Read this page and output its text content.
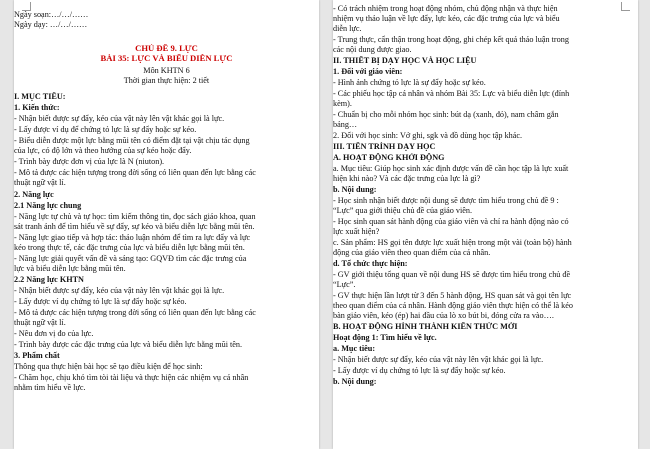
Ngày soạn:…/…/……
Ngày dạy: …/…/……
CHỦ ĐỀ 9. LỰC
BÀI 35: LỰC VÀ BIỂU DIỄN LỰC
Môn KHTN 6
Thời gian thực hiện: 2 tiết
I. MỤC TIÊU:
1. Kiến thức:
- Nhận biết được sự đẩy, kéo của vật này lên vật khác gọi là lực.
- Lấy được ví dụ để chứng tỏ lực là sự đẩy hoặc sự kéo.
- Biểu diễn được một lực bằng mũi tên có điểm đặt tại vật chịu tác dụng
của lực, có độ lớn và theo hướng của sự kéo hoặc đẩy.
- Trình bày được đơn vị của lực là N (niuton).
- Mô tả được các hiện tượng trong đời sống có liên quan đến lực bằng các
thuật ngữ vật lí.
2. Năng lực
2.1 Năng lực chung
- Năng lực tự chủ và tự học: tìm kiếm thông tin, đọc sách giáo khoa, quan
sát tranh ảnh để tìm hiểu về sự đẩy, sự kéo và biểu diễn lực bằng mũi tên.
- Năng lực giao tiếp và hợp tác: thảo luận nhóm để tìm ra lực đẩy và lực
kéo trong thực tế, các đặc trưng của lực và biểu diễn lực bằng mũi tên.
- Năng lực giải quyết vấn đề và sáng tạo: GQVĐ tìm các đặc trưng của
lực và biểu diễn lực bằng mũi tên.
2.2 Năng lực KHTN
- Nhận biết được sự đẩy, kéo của vật này lên vật khác gọi là lực.
- Lấy được ví dụ chứng tỏ lực là sự đẩy hoặc sự kéo.
- Mô tả được các hiện tượng trong đời sống có liên quan đến lực bằng các
thuật ngữ vật lí.
- Nêu đơn vị đo của lực.
- Trình bày được các đặc trưng của lực và biểu diễn lực bằng mũi tên.
3. Phẩm chất
Thông qua thực hiện bài học sẽ tạo điều kiện để học sinh:
- Chăm học, chịu khó tìm tòi tài liệu và thực hiện các nhiệm vụ cá nhân
nhằm tìm hiểu về lực.
- Có trách nhiệm trong hoạt động nhóm, chủ động nhận và thực hiện
nhiệm vụ thảo luận về lực đẩy, lực kéo, các đặc trưng của lực và biểu
diễn lực.
- Trung thực, cẩn thận trong hoạt động, ghi chép kết quả thảo luận trong
các nội dung được giao.
II. THIẾT BỊ DẠY HỌC VÀ HỌC LIỆU
1. Đối với giáo viên:
- Hình ảnh chứng tỏ lực là sự đẩy hoặc sự kéo.
- Các phiếu học tập cá nhân và nhóm Bài 35: Lực và biểu diễn lực (đính
kèm).
- Chuẩn bị cho mỗi nhóm học sinh: bút dạ (xanh, đỏ), nam châm gắn
bảng…
2. Đối với học sinh: Vở ghi, sgk và đồ dùng học tập khác.
III. TIẾN TRÌNH DẠY HỌC
A. HOẠT ĐỘNG KHỞI ĐỘNG
a. Mục tiêu: Giúp học sinh xác định được vấn đề cần học tập là lực xuất
hiện khi nào? Và các đặc trưng của lực là gì?
b. Nội dung:
- Học sinh nhận biết được nội dung sẽ được tìm hiểu trong chủ đề 9 :
“Lực” qua giới thiệu chủ đề của giáo viên.
- Học sinh quan sát hành động của giáo viên và chỉ ra hành động nào có
lực xuất hiện?
c. Sản phẩm: HS gọi tên được lực xuất hiện trong một vài (toàn bộ) hành
động của giáo viên theo quan điểm của cá nhân.
d. Tổ chức thực hiện:
- GV giới thiệu tổng quan về nội dung HS sẽ được tìm hiểu trong chủ đề
“Lực”.
- GV thực hiện lần lượt từ 3 đến 5 hành động, HS quan sát và gọi tên lực
theo quan điểm của cá nhân. Hành động giáo viên thực hiện có thể là kéo
bàn giáo viên, kéo (ép) hai đầu của lò xo bút bi, đóng cửa ra vào….
B. HOẠT ĐỘNG HÌNH THÀNH KIẾN THỨC MỚI
Hoạt động 1: Tìm hiểu về lực.
a. Mục tiêu:
- Nhận biết được sự đẩy, kéo của vật này lên vật khác gọi là lực.
- Lấy được ví dụ chứng tỏ lực là sự đẩy hoặc sự kéo.
b. Nội dung:
